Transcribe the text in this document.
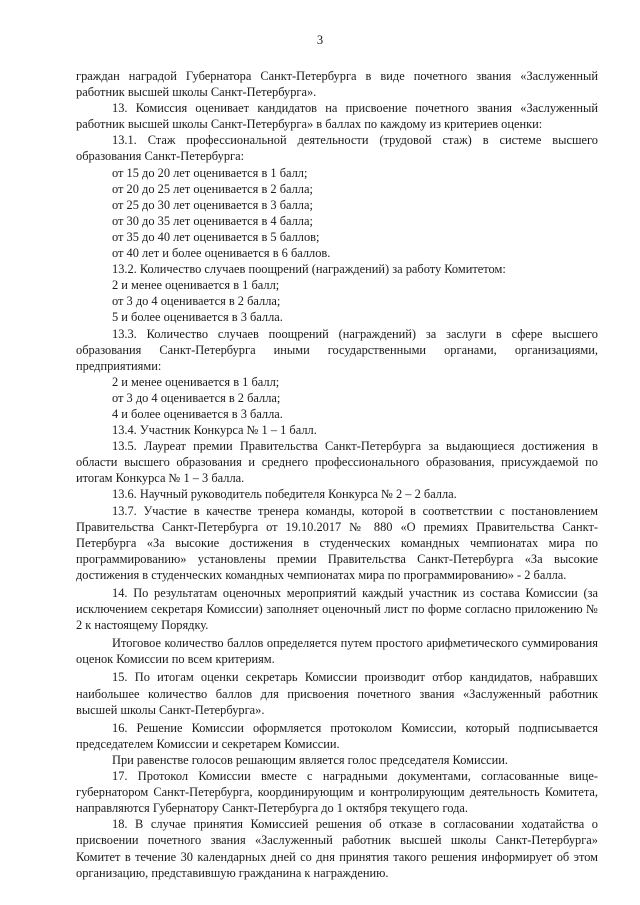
3

граждан наградой Губернатора Санкт-Петербурга в виде почетного звания «Заслуженный работник высшей школы Санкт-Петербурга».

13. Комиссия оценивает кандидатов на присвоение почетного звания «Заслуженный работник высшей школы Санкт-Петербурга» в баллах по каждому из критериев оценки:

13.1. Стаж профессиональной деятельности (трудовой стаж) в системе высшего образования Санкт-Петербурга:

от 15 до 20 лет оценивается в 1 балл;

от 20 до 25 лет оценивается в 2 балла;

от 25 до 30 лет оценивается в 3 балла;

от 30 до 35 лет оценивается в 4 балла;

от 35 до 40 лет оценивается в 5 баллов;

от 40 лет и более оценивается в 6 баллов.

13.2. Количество случаев поощрений (награждений) за работу Комитетом:

2 и менее оценивается в 1 балл;

от 3 до 4 оценивается в 2 балла;

5 и более оценивается в 3 балла.

13.3. Количество случаев поощрений (награждений) за заслуги в сфере высшего образования Санкт-Петербурга иными государственными органами, организациями, предприятиями:

2 и менее оценивается в 1 балл;

от 3 до 4 оценивается в 2 балла;

4 и более оценивается в 3 балла.

13.4. Участник Конкурса № 1 – 1 балл.

13.5. Лауреат премии Правительства Санкт-Петербурга за выдающиеся достижения в области высшего образования и среднего профессионального образования, присуждаемой по итогам Конкурса № 1 – 3 балла.

13.6. Научный руководитель победителя Конкурса № 2 – 2 балла.

13.7. Участие в качестве тренера команды, которой в соответствии с постановлением Правительства Санкт-Петербурга от 19.10.2017 № 880 «О премиях Правительства Санкт-Петербурга «За высокие достижения в студенческих командных чемпионатах мира по программированию» установлены премии Правительства Санкт-Петербурга «За высокие достижения в студенческих командных чемпионатах мира по программированию» - 2 балла.

14. По результатам оценочных мероприятий каждый участник из состава Комиссии (за исключением секретаря Комиссии) заполняет оценочный лист по форме согласно приложению № 2 к настоящему Порядку.

Итоговое количество баллов определяется путем простого арифметического суммирования оценок Комиссии по всем критериям.

15. По итогам оценки секретарь Комиссии производит отбор кандидатов, набравших наибольшее количество баллов для присвоения почетного звания «Заслуженный работник высшей школы Санкт-Петербурга».

16. Решение Комиссии оформляется протоколом Комиссии, который подписывается председателем Комиссии и секретарем Комиссии.

При равенстве голосов решающим является голос председателя Комиссии.

17. Протокол Комиссии вместе с наградными документами, согласованные вице-губернатором Санкт-Петербурга, координирующим и контролирующим деятельность Комитета, направляются Губернатору Санкт-Петербурга до 1 октября текущего года.

18. В случае принятия Комиссией решения об отказе в согласовании ходатайства о присвоении почетного звания «Заслуженный работник высшей школы Санкт-Петербурга» Комитет в течение 30 календарных дней со дня принятия такого решения информирует об этом организацию, представившую гражданина к награждению.
